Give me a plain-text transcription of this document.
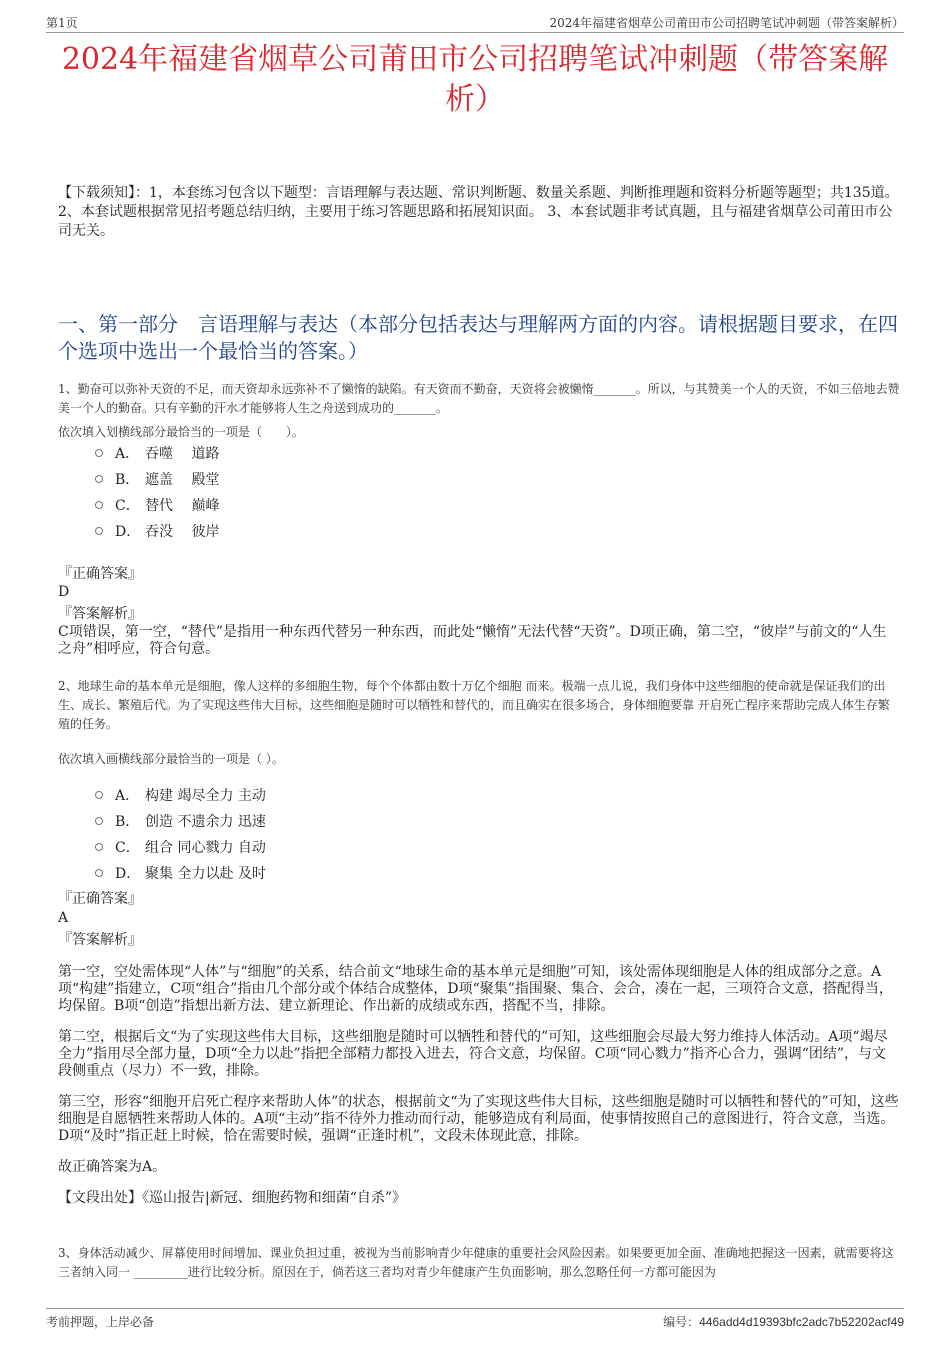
第1页	2024年福建省烟草公司莆田市公司招聘笔试冲刺题（带答案解析）
2024年福建省烟草公司莆田市公司招聘笔试冲刺题（带答案解析）
【下载须知】：1，本套练习包含以下题型：言语理解与表达题、常识判断题、数量关系题、判断推理题和资料分析题等题型；共135道。 2、本套试题根据常见招考题总结归纳，主要用于练习答题思路和拓展知识面。 3、本套试题非考试真题，且与福建省烟草公司莆田市公司无关。
一、第一部分　言语理解与表达（本部分包括表达与理解两方面的内容。请根据题目要求，在四个选项中选出一个最恰当的答案。）
1、勤奋可以弥补天资的不足，而天资却永远弥补不了懒惰的缺陷。有天资而不勤奋，天资将会被懒惰_______。所以，与其赞美一个人的天资，不如三倍地去赞美一个人的勤奋。只有辛勤的汗水才能够将人生之舟送到成功的_______。
依次填入划横线部分最恰当的一项是（　　）。
A． 吞噬　 道路
B． 遮盖　 殿堂
C． 替代　 巅峰
D． 吞没　 彼岸
『正确答案』
D
『答案解析』
C项错误，第一空，“替代”是指用一种东西代替另一种东西，而此处“懒惰”无法代替“天资”。D项正确，第二空，“彼岸”与前文的“人生之舟”相呼应，符合句意。
2、地球生命的基本单元是细胞，像人这样的多细胞生物，每个个体都由数十万亿个细胞 而来。极端一点儿说，我们身体中这些细胞的使命就是保证我们的出生、成长、繁殖后代。为了实现这些伟大目标，这些细胞是随时可以牺牲和替代的，而且确实在很多场合，身体细胞要靠 开启死亡程序来帮助完成人体生存繁殖的任务。
依次填入画横线部分最恰当的一项是（ ）。
A． 构建 竭尽全力 主动
B． 创造 不遗余力 迅速
C． 组合 同心戮力 自动
D． 聚集 全力以赴 及时
『正确答案』
A
『答案解析』

第一空，空处需体现“人体”与“细胞”的关系，结合前文“地球生命的基本单元是细胞”可知，该处需体现细胞是人体的组成部分之意。A项“构建”指建立，C项“组合”指由几个部分或个体结合成整体，D项“聚集”指围聚、集合、会合，凑在一起，三项符合文意，搭配得当，均保留。B项“创造”指想出新方法、建立新理论、作出新的成绩或东西，搭配不当，排除。

第二空，根据后文“为了实现这些伟大目标，这些细胞是随时可以牺牲和替代的”可知，这些细胞会尽最大努力维持人体活动。A项“竭尽全力”指用尽全部力量，D项“全力以赴”指把全部精力都投入进去，符合文意，均保留。C项“同心戮力”指齐心合力，强调“团结”，与文段侧重点（尽力）不一致，排除。

第三空，形容“细胞开启死亡程序来帮助人体”的状态，根据前文“为了实现这些伟大目标，这些细胞是随时可以牺牲和替代的”可知，这些细胞是自愿牺牲来帮助人体的。A项“主动”指不待外力推动而行动，能够造成有利局面，使事情按照自己的意图进行，符合文意，当选。D项“及时”指正赶上时候，恰在需要时候，强调“正逢时机”，文段未体现此意，排除。

故正确答案为A。

【文段出处】《巡山报告|新冠、细胞药物和细菌“自杀”》

3、身体活动减少、屏幕使用时间增加、课业负担过重，被视为当前影响青少年健康的重要社会风险因素。如果要更加全面、准确地把握这一因素，就需要将这三者纳入同一 _________进行比较分析。原因在于，倘若这三者均对青少年健康产生负面影响，那么忽略任何一方都可能因为
考前押题，上岸必备	编号：446add4d19393bfc2adc7b52202acf49
